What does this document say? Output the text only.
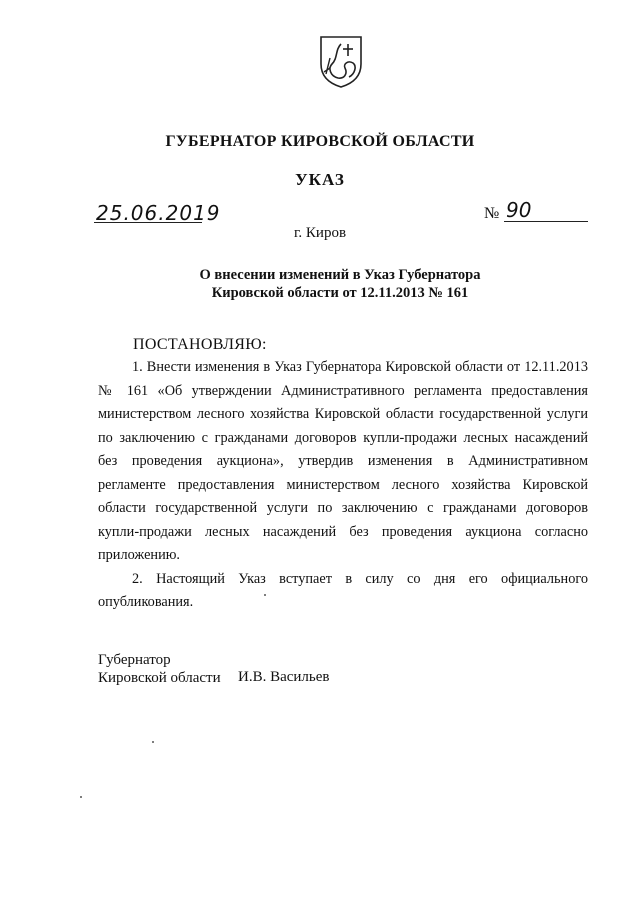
ГУБЕРНАТОР КИРОВСКОЙ ОБЛАСТИ
УКАЗ
25.06.2019	№ 90
г. Киров
О внесении изменений в Указ Губернатора
Кировской области от 12.11.2013 № 161
ПОСТАНОВЛЯЮ:

1. Внести изменения в Указ Губернатора Кировской области от 12.11.2013 № 161 «Об утверждении Административного регламента предоставления министерством лесного хозяйства Кировской области государственной услуги по заключению с гражданами договоров купли-продажи лесных насаждений без проведения аукциона», утвердив изменения в Административном регламенте предоставления министерством лесного хозяйства Кировской области государственной услуги по заключению с гражданами договоров купли-продажи лесных насаждений без проведения аукциона согласно приложению.

2. Настоящий Указ вступает в силу со дня его официального опубликования.

Губернатор
Кировской области И.В. Васильев
